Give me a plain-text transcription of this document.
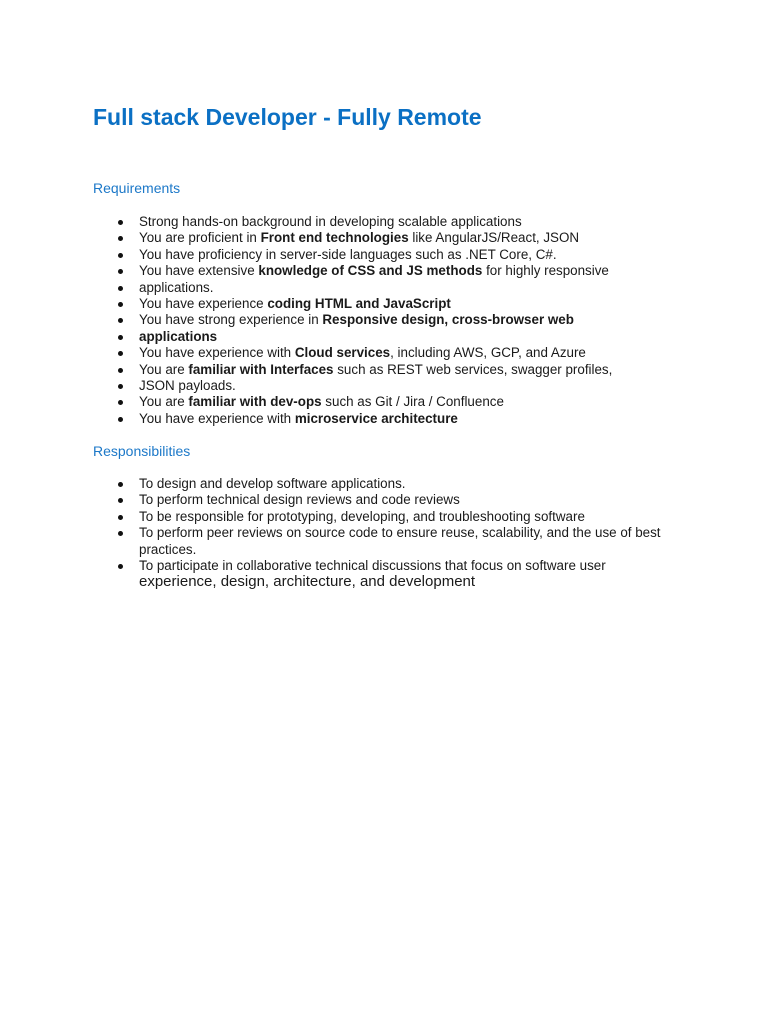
Full stack Developer - Fully Remote
Requirements
Strong hands-on background in developing scalable applications
You are proficient in Front end technologies like AngularJS/React, JSON
You have proficiency in server-side languages such as .NET Core, C#.
You have extensive knowledge of CSS and JS methods for highly responsive
applications.
You have experience coding HTML and JavaScript
You have strong experience in Responsive design, cross-browser web
applications
You have experience with Cloud services, including AWS, GCP, and Azure
You are familiar with Interfaces such as REST web services, swagger profiles,
JSON payloads.
You are familiar with dev-ops such as Git / Jira / Confluence
You have experience with microservice architecture
Responsibilities
To design and develop software applications.
To perform technical design reviews and code reviews
To be responsible for prototyping, developing, and troubleshooting software
To perform peer reviews on source code to ensure reuse, scalability, and the use of best practices.
To participate in collaborative technical discussions that focus on software user experience, design, architecture, and development
